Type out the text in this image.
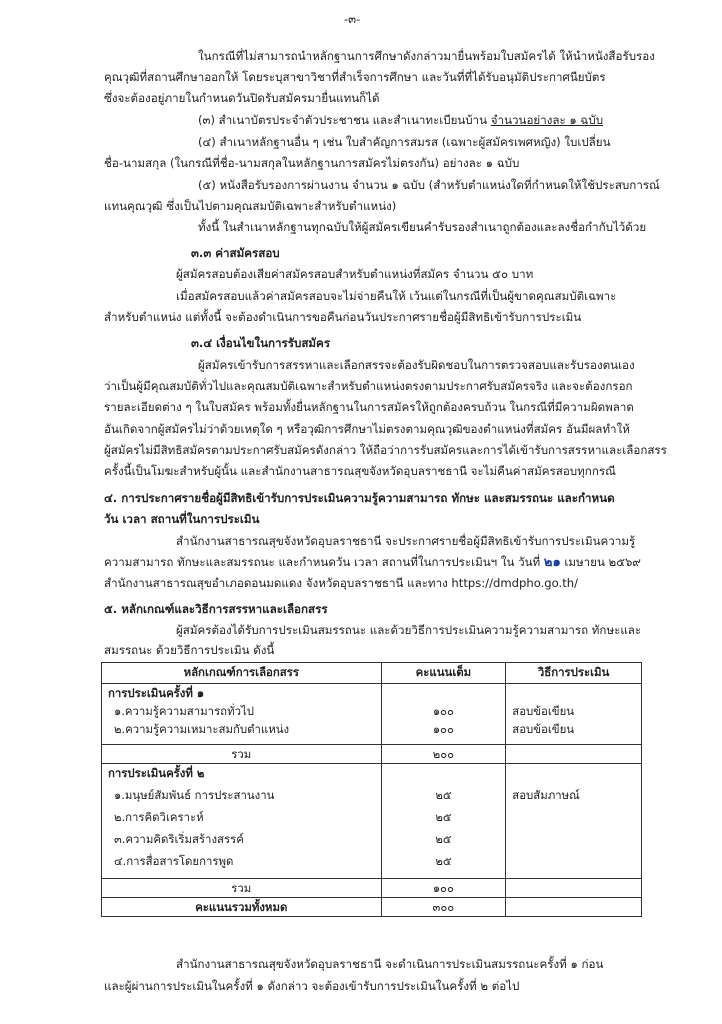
-๓-
ในกรณีที่ไม่สามารถนำหลักฐานการศึกษาดังกล่าวมายื่นพร้อมใบสมัครได้ ให้นำหนังสือรับรอง
คุณวุฒิที่สถานศึกษาออกให้ โดยระบุสาขาวิชาที่สำเร็จการศึกษา และวันที่ที่ได้รับอนุมัติประกาศนียบัตร
ซึ่งจะต้องอยู่ภายในกำหนดวันปิดรับสมัครมายื่นแทนก็ได้
(๓) สำเนาบัตรประจำตัวประชาชน และสำเนาทะเบียนบ้าน จำนวนอย่างละ ๑ ฉบับ
(๔) สำเนาหลักฐานอื่น ๆ เช่น ใบสำคัญการสมรส (เฉพาะผู้สมัครเพศหญิง) ใบเปลี่ยน
ชื่อ-นามสกุล (ในกรณีที่ชื่อ-นามสกุลในหลักฐานการสมัครไม่ตรงกัน) อย่างละ ๑ ฉบับ
(๕) หนังสือรับรองการผ่านงาน จำนวน ๑ ฉบับ (สำหรับตำแหน่งใดที่กำหนดให้ใช้ประสบการณ์
แทนคุณวุฒิ ซึ่งเป็นไปตามคุณสมบัติเฉพาะสำหรับตำแหน่ง)
ทั้งนี้ ในสำเนาหลักฐานทุกฉบับให้ผู้สมัครเขียนคำรับรองสำเนาถูกต้องและลงชื่อกำกับไว้ด้วย
๓.๓ ค่าสมัครสอบ
ผู้สมัครสอบต้องเสียค่าสมัครสอบสำหรับตำแหน่งที่สมัคร จำนวน ๕๐ บาท
เมื่อสมัครสอบแล้วค่าสมัครสอบจะไม่จ่ายคืนให้ เว้นแต่ในกรณีที่เป็นผู้ขาดคุณสมบัติเฉพาะ
สำหรับตำแหน่ง แต่ทั้งนี้ จะต้องดำเนินการขอคืนก่อนวันประกาศรายชื่อผู้มีสิทธิเข้ารับการประเมิน
๓.๔ เงื่อนไขในการรับสมัคร
ผู้สมัครเข้ารับการสรรหาและเลือกสรรจะต้องรับผิดชอบในการตรวจสอบและรับรองตนเอง
ว่าเป็นผู้มีคุณสมบัติทั่วไปและคุณสมบัติเฉพาะสำหรับตำแหน่งตรงตามประกาศรับสมัครจริง และจะต้องกรอก
รายละเอียดต่าง ๆ ในใบสมัคร พร้อมทั้งยื่นหลักฐานในการสมัครให้ถูกต้องครบถ้วน ในกรณีที่มีความผิดพลาด
อันเกิดจากผู้สมัครไม่ว่าด้วยเหตุใด ๆ หรือวุฒิการศึกษาไม่ตรงตามคุณวุฒิของตำแหน่งที่สมัคร อันมีผลทำให้
ผู้สมัครไม่มีสิทธิสมัครตามประกาศรับสมัครดังกล่าว ให้ถือว่าการรับสมัครและการได้เข้ารับการสรรหาและเลือกสรร
ครั้งนี้เป็นโมฆะสำหรับผู้นั้น และสำนักงานสาธารณสุขจังหวัดอุบลราชธานี จะไม่คืนค่าสมัครสอบทุกกรณี
๔. การประกาศรายชื่อผู้มีสิทธิเข้ารับการประเมินความรู้ความสามารถ ทักษะ และสมรรถนะ และกำหนด
วัน เวลา สถานที่ในการประเมิน
สำนักงานสาธารณสุขจังหวัดอุบลราชธานี จะประกาศรายชื่อผู้มีสิทธิเข้ารับการประเมินความรู้
ความสามารถ ทักษะและสมรรถนะ และกำหนดวัน เวลา สถานที่ในการประเมินฯ ใน วันที่ ๒๑ เมษายน ๒๕๖๙
สำนักงานสาธารณสุขอำเภอดอนมดแดง จังหวัดอุบลราชธานี และทาง https://dmdpho.go.th/
๕. หลักเกณฑ์และวิธีการสรรหาและเลือกสรร
ผู้สมัครต้องได้รับการประเมินสมรรถนะ และด้วยวิธีการประเมินความรู้ความสามารถ ทักษะและ
สมรรถนะ ด้วยวิธีการประเมิน ดังนี้
หลักเกณฑ์การเลือกสรร	คะแนนเต็ม	วิธีการประเมิน
การประเมินครั้งที่ ๑		
๑.ความรู้ความสามารถทั่วไป	๑๐๐	สอบข้อเขียน
๒.ความรู้ความเหมาะสมกับตำแหน่ง	๑๐๐	สอบข้อเขียน
รวม	๒๐๐	
การประเมินครั้งที่ ๒		
๑.มนุษย์สัมพันธ์ การประสานงาน	๒๕	สอบสัมภาษณ์
๒.การคิดวิเคราะห์	๒๕	
๓.ความคิดริเริ่มสร้างสรรค์	๒๕	
๔.การสื่อสารโดยการพูด	๒๕	
รวม	๑๐๐	
คะแนนรวมทั้งหมด	๓๐๐	
สำนักงานสาธารณสุขจังหวัดอุบลราชธานี จะดำเนินการประเมินสมรรถนะครั้งที่ ๑ ก่อน
และผู้ผ่านการประเมินในครั้งที่ ๑ ดังกล่าว จะต้องเข้ารับการประเมินในครั้งที่ ๒ ต่อไป
